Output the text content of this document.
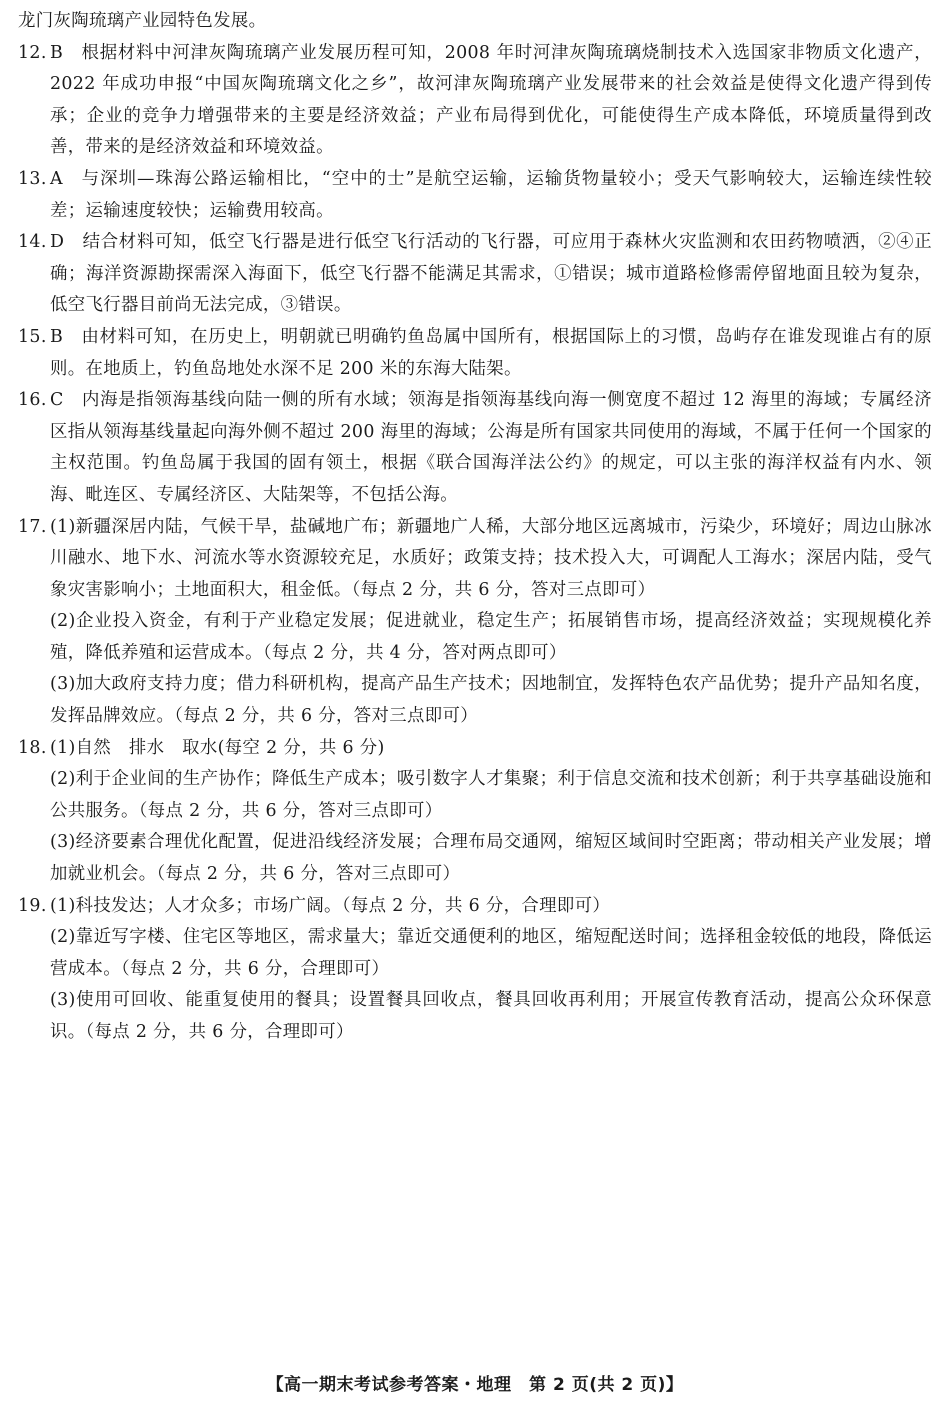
龙门灰陶琉璃产业园特色发展。

12. B 根据材料中河津灰陶琉璃产业发展历程可知，2008 年时河津灰陶琉璃烧制技术入选国家非物质文化遗产，2022 年成功申报“中国灰陶琉璃文化之乡”，故河津灰陶琉璃产业发展带来的社会效益是使得文化遗产得到传承；企业的竞争力增强带来的主要是经济效益；产业布局得到优化，可能使得生产成本降低，环境质量得到改善，带来的是经济效益和环境效益。
13. A 与深圳—珠海公路运输相比，“空中的士”是航空运输，运输货物量较小；受天气影响较大，运输连续性较差；运输速度较快；运输费用较高。
14. D 结合材料可知，低空飞行器是进行低空飞行活动的飞行器，可应用于森林火灾监测和农田药物喷洒，②④正确；海洋资源勘探需深入海面下，低空飞行器不能满足其需求，①错误；城市道路检修需停留地面且较为复杂，低空飞行器目前尚无法完成，③错误。
15. B 由材料可知，在历史上，明朝就已明确钓鱼岛属中国所有，根据国际上的习惯，岛屿存在谁发现谁占有的原则。在地质上，钓鱼岛地处水深不足 200 米的东海大陆架。
16. C 内海是指领海基线向陆一侧的所有水域；领海是指领海基线向海一侧宽度不超过 12 海里的海域；专属经济区指从领海基线量起向海外侧不超过 200 海里的海域；公海是所有国家共同使用的海域，不属于任何一个国家的主权范围。钓鱼岛属于我国的固有领土，根据《联合国海洋法公约》的规定，可以主张的海洋权益有内水、领海、毗连区、专属经济区、大陆架等，不包括公海。
17. (1)新疆深居内陆，气候干旱，盐碱地广布；新疆地广人稀，大部分地区远离城市，污染少，环境好；周边山脉冰川融水、地下水、河流水等水资源较充足，水质好；政策支持；技术投入大，可调配人工海水；深居内陆，受气象灾害影响小；土地面积大，租金低。（每点 2 分，共 6 分，答对三点即可）

(2)企业投入资金，有利于产业稳定发展；促进就业，稳定生产；拓展销售市场，提高经济效益；实现规模化养殖，降低养殖和运营成本。（每点 2 分，共 4 分，答对两点即可）

(3)加大政府支持力度；借力科研机构，提高产品生产技术；因地制宜，发挥特色农产品优势；提升产品知名度，发挥品牌效应。（每点 2 分，共 6 分，答对三点即可）

18. (1)自然　排水　取水(每空 2 分，共 6 分)

(2)利于企业间的生产协作；降低生产成本；吸引数字人才集聚；利于信息交流和技术创新；利于共享基础设施和公共服务。（每点 2 分，共 6 分，答对三点即可）

(3)经济要素合理优化配置，促进沿线经济发展；合理布局交通网，缩短区域间时空距离；带动相关产业发展；增加就业机会。（每点 2 分，共 6 分，答对三点即可）

19. (1)科技发达；人才众多；市场广阔。（每点 2 分，共 6 分，合理即可）

(2)靠近写字楼、住宅区等地区，需求量大；靠近交通便利的地区，缩短配送时间；选择租金较低的地段，降低运营成本。（每点 2 分，共 6 分，合理即可）

(3)使用可回收、能重复使用的餐具；设置餐具回收点，餐具回收再利用；开展宣传教育活动，提高公众环保意识。（每点 2 分，共 6 分，合理即可）

【高一期末考试参考答案・地理　第 2 页(共 2 页)】
